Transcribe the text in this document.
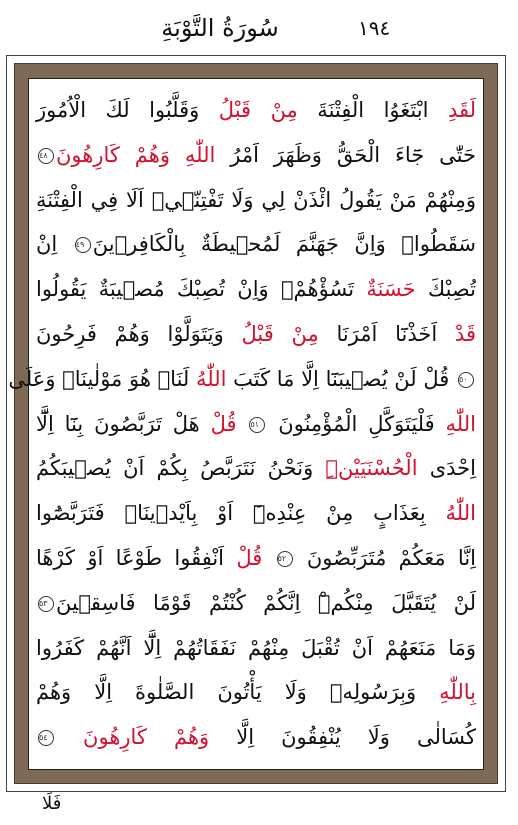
سُورَةُ التَّوْبَةِ	١٩٤
لَقَدِ ابْتَغَوُا الْفِتْنَةَ مِنْ قَبْلُ وَقَلَّبُوا لَكَ الْاُمُورَ
حَتّٰى جَٓاءَ الْحَقُّ وَظَهَرَ اَمْرُ اللّٰهِ وَهُمْ كَارِهُونَ٤٨
وَمِنْهُمْ مَنْ يَقُولُ ائْذَنْ لِي وَلَا تَفْتِنّ۪يۜ اَلَا فِي الْفِتْنَةِ
سَقَطُواۜ وَاِنَّ جَهَنَّمَ لَمُح۪يطَةٌ بِالْكَافِر۪ينَ٤٩ اِنْ
تُصِبْكَ حَسَنَةٌ تَسُؤْهُمْۚ وَاِنْ تُصِبْكَ مُص۪يبَةٌ يَقُولُوا
قَدْ اَخَذْنَٓا اَمْرَنَا مِنْ قَبْلُ وَيَتَوَلَّوْا وَهُمْ فَرِحُونَ
٥٠ قُلْ لَنْ يُص۪يبَنَٓا اِلَّا مَا كَتَبَ اللّٰهُ لَنَاۚ هُوَ مَوْلٰينَاۚ وَعَلَى
اللّٰهِ فَلْيَتَوَكَّلِ الْمُؤْمِنُونَ ٥١ قُلْ هَلْ تَرَبَّصُونَ بِنَٓا اِلَّٓا
اِحْدَى الْحُسْنَيَيْنِۜ وَنَحْنُ نَتَرَبَّصُ بِكُمْ اَنْ يُص۪يبَكُمُ
اللّٰهُ بِعَذَابٍ مِنْ عِنْدِه۪ٓ اَوْ بِاَيْد۪ينَاۘ فَتَرَبَّصُٓوا
اِنَّا مَعَكُمْ مُتَرَبِّصُونَ ٥٢ قُلْ اَنْفِقُوا طَوْعًا اَوْ كَرْهًا
لَنْ يُتَقَبَّلَ مِنْكُمْۜ اِنَّكُمْ كُنْتُمْ قَوْمًا فَاسِق۪ينَ٥٣
وَمَا مَنَعَهُمْ اَنْ تُقْبَلَ مِنْهُمْ نَفَقَاتُهُمْ اِلَّٓا اَنَّهُمْ كَفَرُوا
بِاللّٰهِ وَبِرَسُولِه۪ وَلَا يَأْتُونَ الصَّلٰوةَ اِلَّا وَهُمْ
كُسَالٰى وَلَا يُنْفِقُونَ اِلَّا وَهُمْ كَارِهُونَ ٥٤
فَلَا
